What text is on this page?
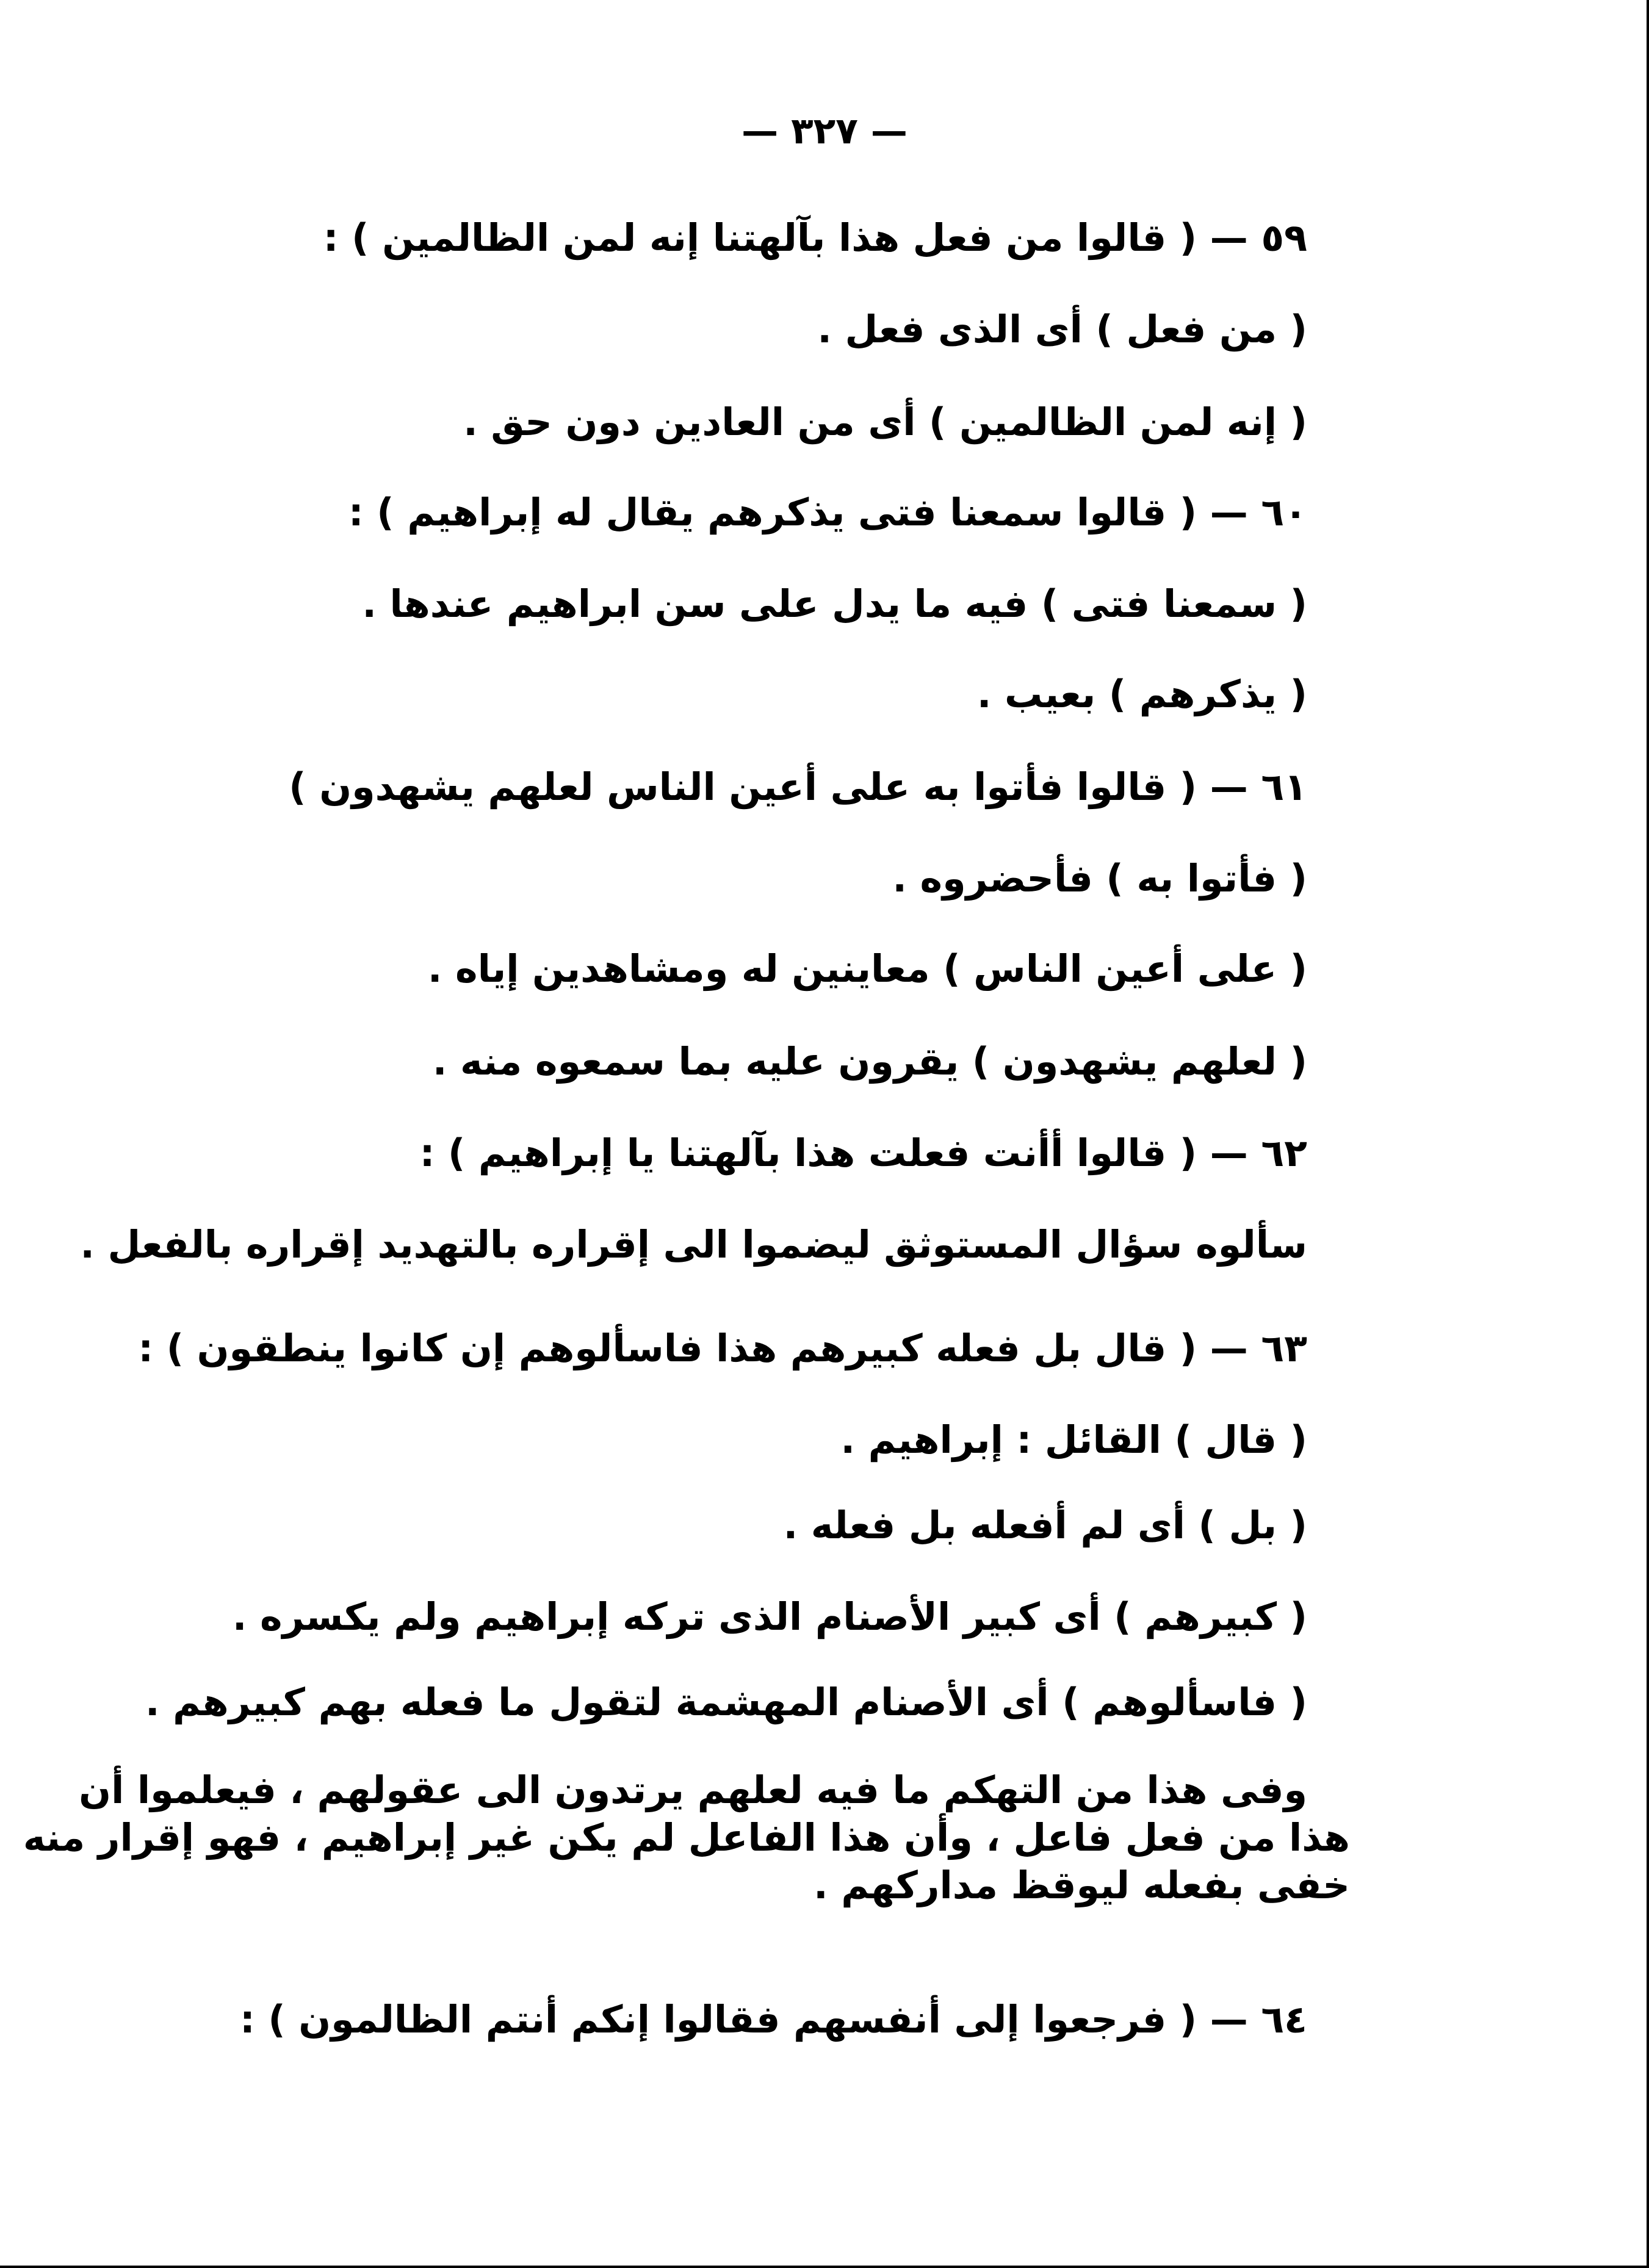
— ٣٢٧ —
٥٩ — ( قالوا من فعل هذا بآلهتنا إنه لمن الظالمين ) :
( من فعل ) أى الذى فعل .
( إنه لمن الظالمين ) أى من العادين دون حق .
٦٠ — ( قالوا سمعنا فتى يذكرهم يقال له إبراهيم ) :
( سمعنا فتى ) فيه ما يدل على سن ابراهيم عندها .
( يذكرهم ) بعيب .
٦١ — ( قالوا فأتوا به على أعين الناس لعلهم يشهدون )
( فأتوا به ) فأحضروه .
( على أعين الناس ) معاينين له ومشاهدين إياه .
( لعلهم يشهدون ) يقرون عليه بما سمعوه منه .
٦٢ — ( قالوا أأنت فعلت هذا بآلهتنا يا إبراهيم ) :
سألوه سؤال المستوثق ليضموا الى إقراره بالتهديد إقراره بالفعل .
٦٣ — ( قال بل فعله كبيرهم هذا فاسألوهم إن كانوا ينطقون ) :
( قال ) القائل : إبراهيم .
( بل ) أى لم أفعله بل فعله .
( كبيرهم ) أى كبير الأصنام الذى تركه إبراهيم ولم يكسره .
( فاسألوهم ) أى الأصنام المهشمة لتقول ما فعله بهم كبيرهم .
وفى هذا من التهكم ما فيه لعلهم يرتدون الى عقولهم ، فيعلموا أن
هذا من فعل فاعل ، وأن هذا الفاعل لم يكن غير إبراهيم ، فهو إقرار منه
خفى بفعله ليوقظ مداركهم .
٦٤ — ( فرجعوا إلى أنفسهم فقالوا إنكم أنتم الظالمون ) :
